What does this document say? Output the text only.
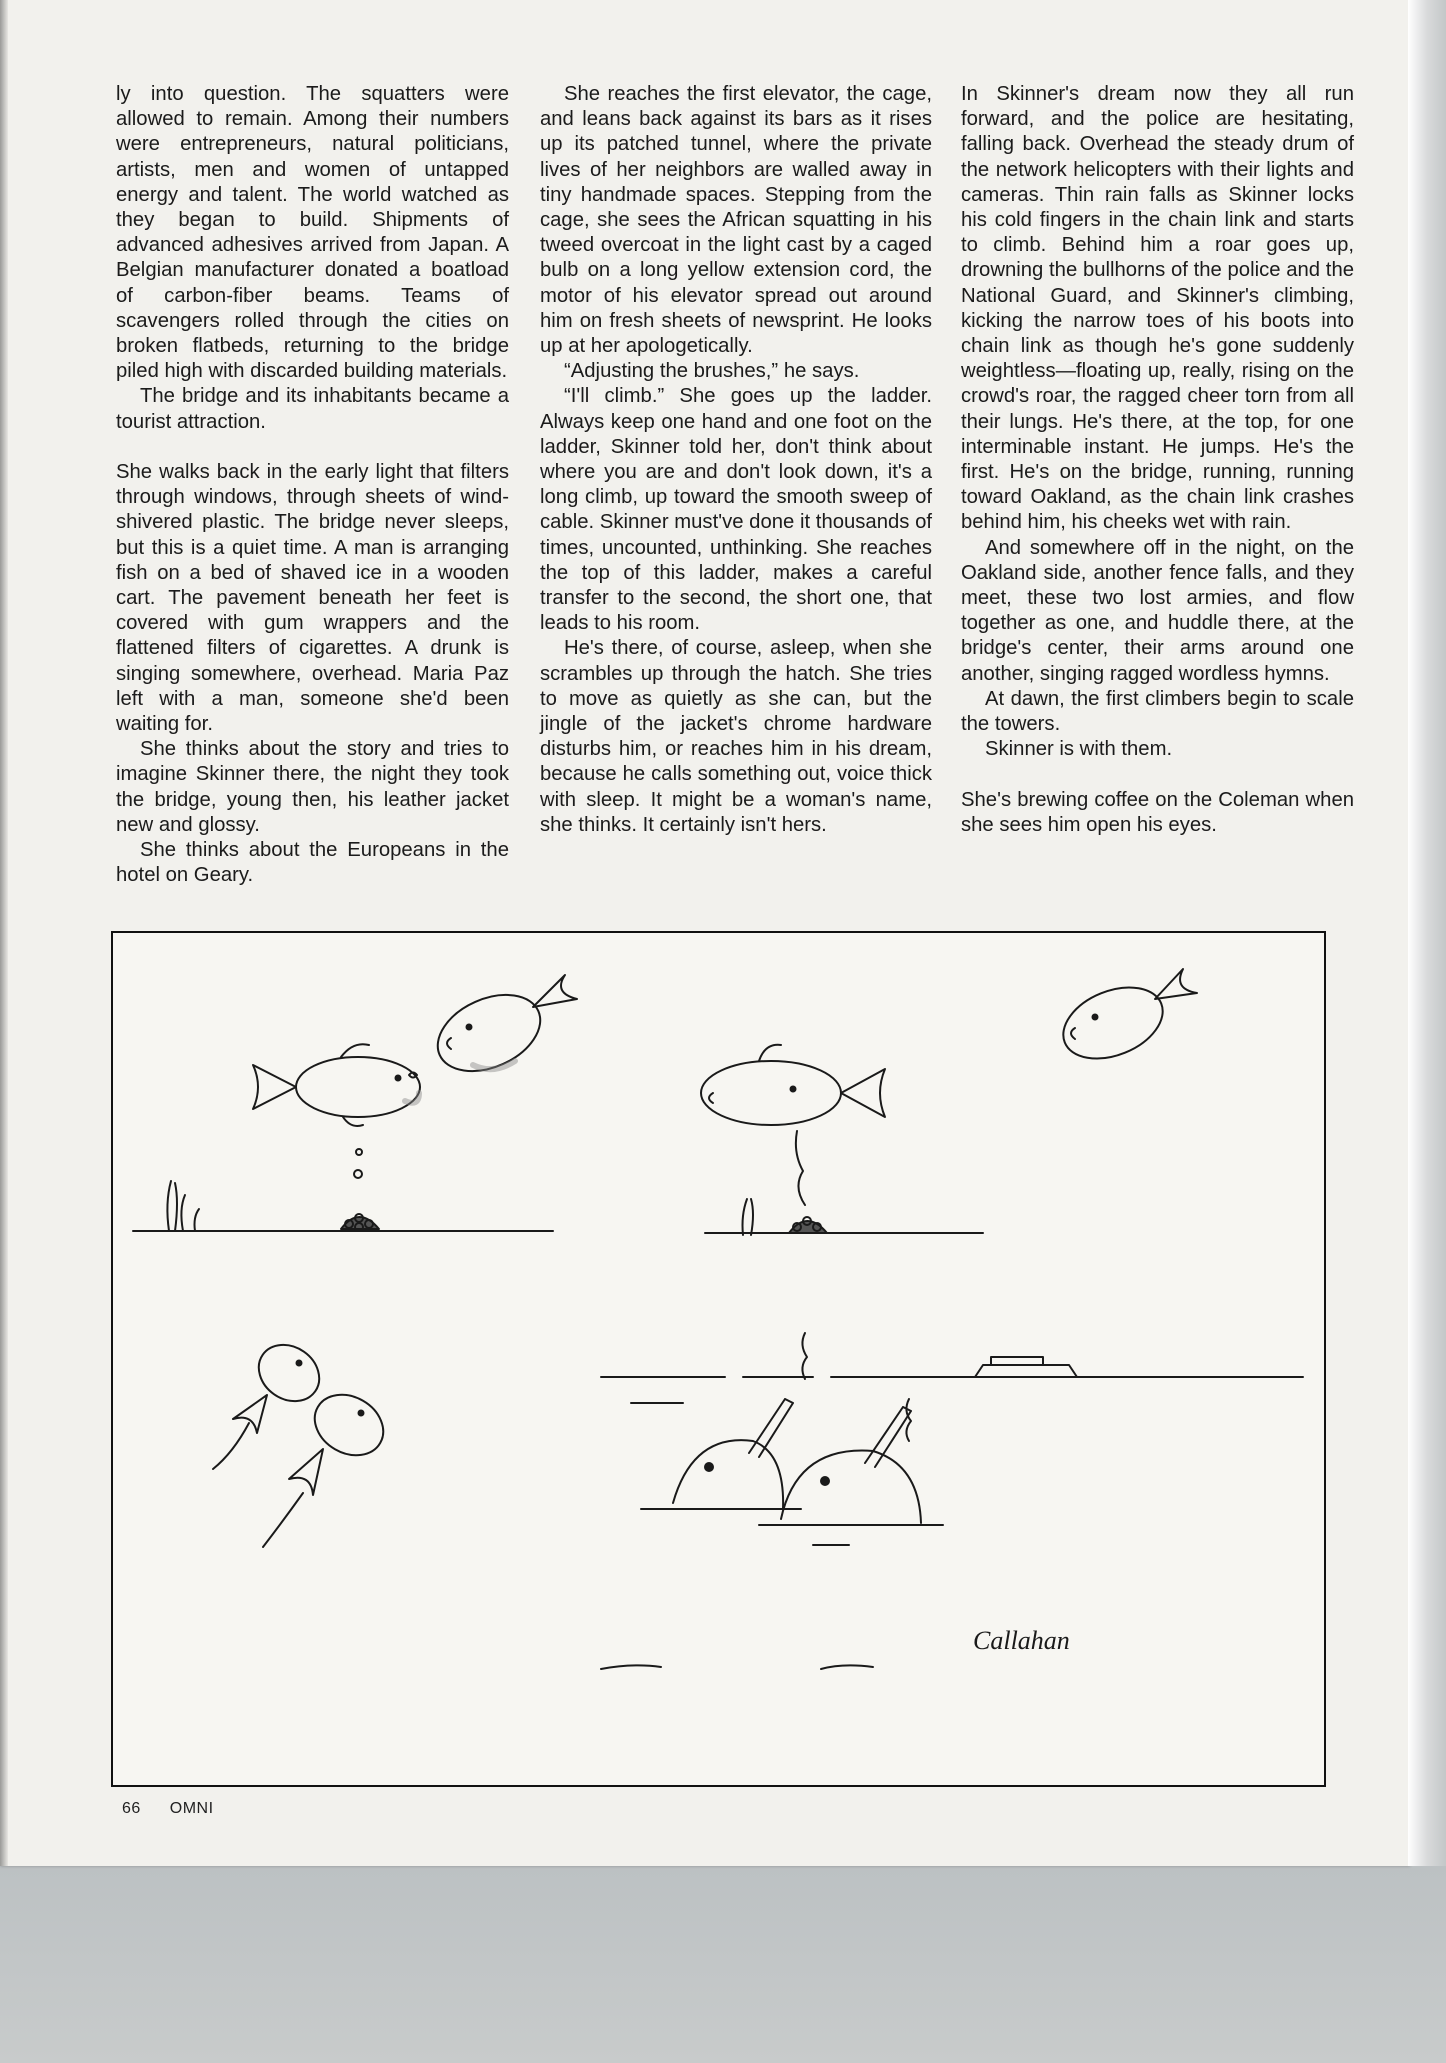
ly into question. The squatters were allowed to remain. Among their numbers were entrepreneurs, natural politicians, artists, men and women of untapped energy and talent. The world watched as they began to build. Shipments of advanced adhesives arrived from Japan. A Belgian manufacturer donated a boatload of carbon-fiber beams. Teams of scavengers rolled through the cities on broken flatbeds, returning to the bridge piled high with discarded building materials.

The bridge and its inhabitants became a tourist attraction.

She walks back in the early light that filters through windows, through sheets of wind-shivered plastic. The bridge never sleeps, but this is a quiet time. A man is arranging fish on a bed of shaved ice in a wooden cart. The pavement beneath her feet is covered with gum wrappers and the flattened filters of cigarettes. A drunk is singing somewhere, overhead. Maria Paz left with a man, someone she'd been waiting for.

She thinks about the story and tries to imagine Skinner there, the night they took the bridge, young then, his leather jacket new and glossy.

She thinks about the Europeans in the hotel on Geary.

She reaches the first elevator, the cage, and leans back against its bars as it rises up its patched tunnel, where the private lives of her neighbors are walled away in tiny handmade spaces. Stepping from the cage, she sees the African squatting in his tweed overcoat in the light cast by a caged bulb on a long yellow extension cord, the motor of his elevator spread out around him on fresh sheets of newsprint. He looks up at her apologetically.

“Adjusting the brushes,” he says.

“I'll climb.” She goes up the ladder. Always keep one hand and one foot on the ladder, Skinner told her, don't think about where you are and don't look down, it's a long climb, up toward the smooth sweep of cable. Skinner must've done it thousands of times, uncounted, unthinking. She reaches the top of this ladder, makes a careful transfer to the second, the short one, that leads to his room.

He's there, of course, asleep, when she scrambles up through the hatch. She tries to move as quietly as she can, but the jingle of the jacket's chrome hardware disturbs him, or reaches him in his dream, because he calls something out, voice thick with sleep. It might be a woman's name, she thinks. It certainly isn't hers.

In Skinner's dream now they all run forward, and the police are hesitating, falling back. Overhead the steady drum of the network helicopters with their lights and cameras. Thin rain falls as Skinner locks his cold fingers in the chain link and starts to climb. Behind him a roar goes up, drowning the bullhorns of the police and the National Guard, and Skinner's climbing, kicking the narrow toes of his boots into chain link as though he's gone suddenly weightless—floating up, really, rising on the crowd's roar, the ragged cheer torn from all their lungs. He's there, at the top, for one interminable instant. He jumps. He's the first. He's on the bridge, running, running toward Oakland, as the chain link crashes behind him, his cheeks wet with rain.

And somewhere off in the night, on the Oakland side, another fence falls, and they meet, these two lost armies, and flow together as one, and huddle there, at the bridge's center, their arms around one another, singing ragged wordless hymns.

At dawn, the first climbers begin to scale the towers.

Skinner is with them.

She's brewing coffee on the Coleman when she sees him open his eyes.

Callahan
66 OMNI
